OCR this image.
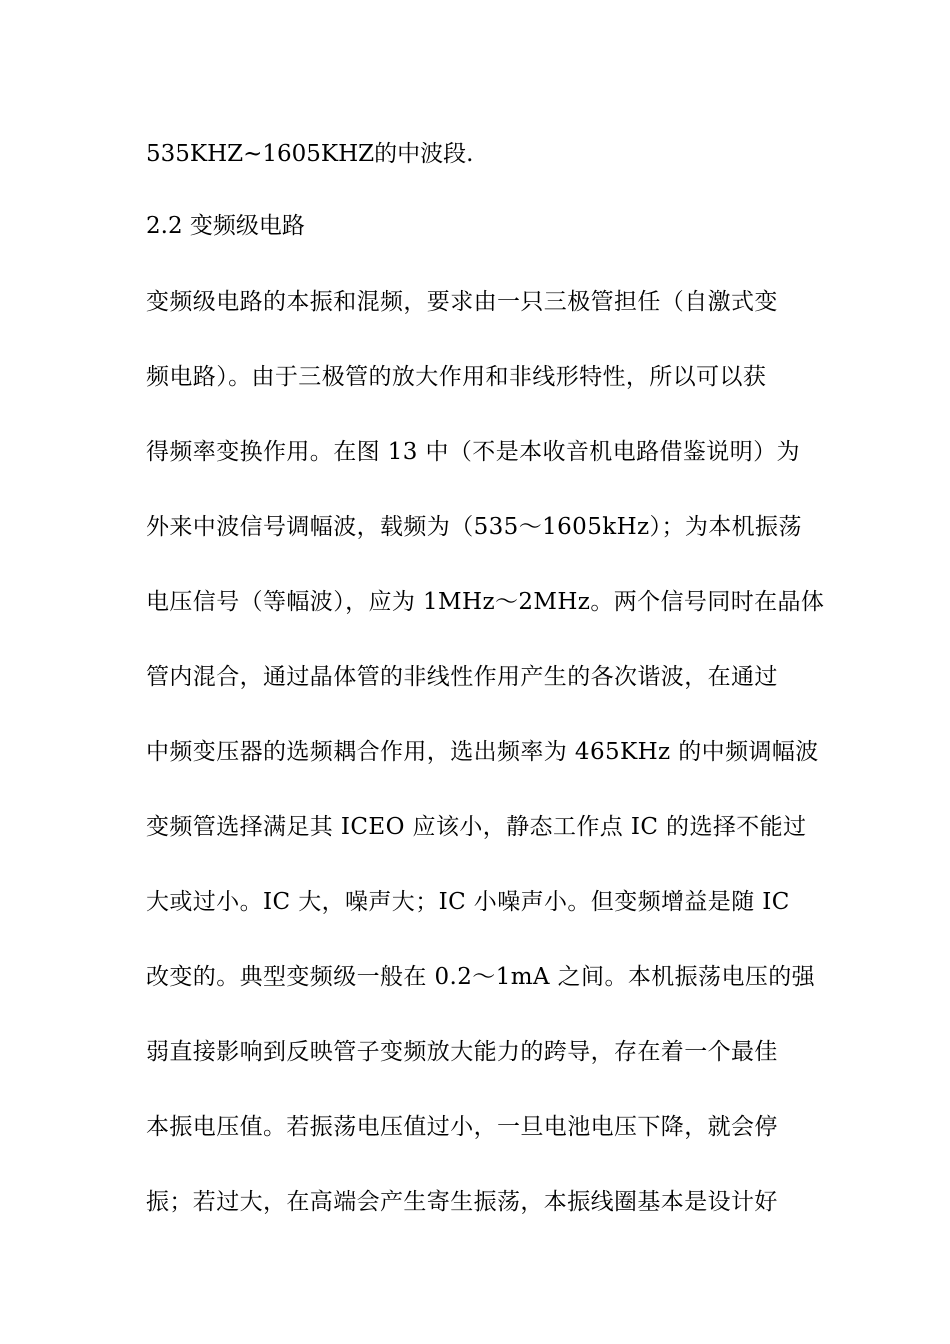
535KHZ~1605KHZ的中波段.
2.2 变频级电路
变频级电路的本振和混频，要求由一只三极管担任（自激式变
频电路）。由于三极管的放大作用和非线形特性，所以可以获
得频率变换作用。在图 13 中（不是本收音机电路借鉴说明）为
外来中波信号调幅波，载频为（535～1605kHz）；为本机振荡
电压信号（等幅波），应为 1MHz～2MHz。两个信号同时在晶体
管内混合，通过晶体管的非线性作用产生的各次谐波，在通过
中频变压器的选频耦合作用，选出频率为 465KHz 的中频调幅波
变频管选择满足其 ICEO 应该小，静态工作点 IC 的选择不能过
大或过小。IC 大，噪声大；IC 小噪声小。但变频增益是随 IC
改变的。典型变频级一般在 0.2～1mA 之间。本机振荡电压的强
弱直接影响到反映管子变频放大能力的跨导，存在着一个最佳
本振电压值。若振荡电压值过小，一旦电池电压下降，就会停
振；若过大，在高端会产生寄生振荡，本振线圈基本是设计好
